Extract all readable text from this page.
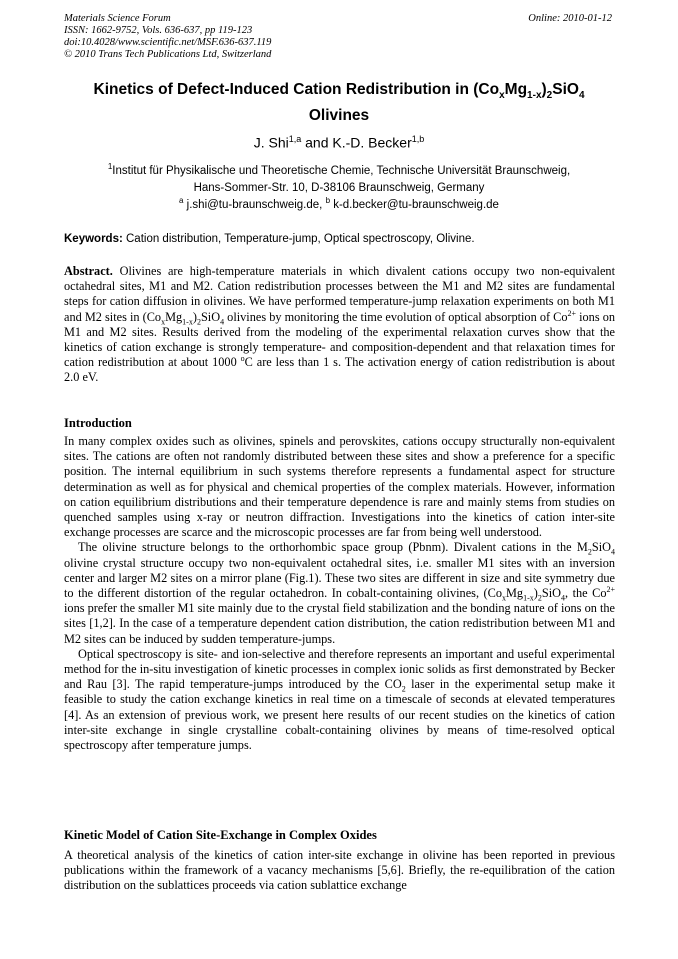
Materials Science Forum
ISSN: 1662-9752, Vols. 636-637, pp 119-123
doi:10.4028/www.scientific.net/MSF.636-637.119
© 2010 Trans Tech Publications Ltd, Switzerland
Online: 2010-01-12
Kinetics of Defect-Induced Cation Redistribution in $(Co_xMg_{1-x})_2SiO_4$
Olivines
J. Shi$^{1,a}$ and K.-D. Becker$^{1,b}$
$^1$Institut für Physikalische und Theoretische Chemie, Technische Universität Braunschweig,
Hans-Sommer-Str. 10, D-38106 Braunschweig, Germany
$^a$ j.shi@tu-braunschweig.de, $^b$ k-d.becker@tu-braunschweig.de
Keywords: Cation distribution, Temperature-jump, Optical spectroscopy, Olivine.

Abstract. Olivines are high-temperature materials in which divalent cations occupy two non-equivalent octahedral sites, M1 and M2. Cation redistribution processes between the M1 and M2 sites are fundamental steps for cation diffusion in olivines. We have performed temperature-jump relaxation experiments on both M1 and M2 sites in $(Co_xMg_{1-x})_2SiO_4$ olivines by monitoring the time evolution of optical absorption of $Co^{2+}$ ions on M1 and M2 sites. Results derived from the modeling of the experimental relaxation curves show that the kinetics of cation exchange is strongly temperature- and composition-dependent and that relaxation times for cation redistribution at about 1000 $^o$C are less than 1 s. The activation energy of cation redistribution is about 2.0 eV.

Introduction

In many complex oxides such as olivines, spinels and perovskites, cations occupy structurally non-equivalent sites. The cations are often not randomly distributed between these sites and show a preference for a specific position. The internal equilibrium in such systems therefore represents a fundamental aspect for structure determination as well as for physical and chemical properties of the complex materials. However, information on cation equilibrium distributions and their temperature dependence is rare and mainly stems from studies on quenched samples using x-ray or neutron diffraction. Investigations into the kinetics of cation inter-site exchange processes are scarce and the microscopic processes are far from being well understood.

The olivine structure belongs to the orthorhombic space group (Pbnm). Divalent cations in the $M_2SiO_4$ olivine crystal structure occupy two non-equivalent octahedral sites, i.e. smaller M1 sites with an inversion center and larger M2 sites on a mirror plane (Fig.1). These two sites are different in size and site symmetry due to the different distortion of the regular octahedron. In cobalt-containing olivines, $(Co_xMg_{1-x})_2SiO_4$, the $Co^{2+}$ ions prefer the smaller M1 site mainly due to the crystal field stabilization and the bonding nature of ions on the sites [1,2]. In the case of a temperature dependent cation distribution, the cation redistribution between M1 and M2 sites can be induced by sudden temperature-jumps.

Optical spectroscopy is site- and ion-selective and therefore represents an important and useful experimental method for the in-situ investigation of kinetic processes in complex ionic solids as first demonstrated by Becker and Rau [3]. The rapid temperature-jumps introduced by the $CO_2$ laser in the experimental setup make it feasible to study the cation exchange kinetics in real time on a timescale of seconds at elevated temperatures [4]. As an extension of previous work, we present here results of our recent studies on the kinetics of cation inter-site exchange in single crystalline cobalt-containing olivines by means of time-resolved optical spectroscopy after temperature jumps.

Kinetic Model of Cation Site-Exchange in Complex Oxides

A theoretical analysis of the kinetics of cation inter-site exchange in olivine has been reported in previous publications within the framework of a vacancy mechanisms [5,6]. Briefly, the re-equilibration of the cation distribution on the sublattices proceeds via cation sublattice exchange
